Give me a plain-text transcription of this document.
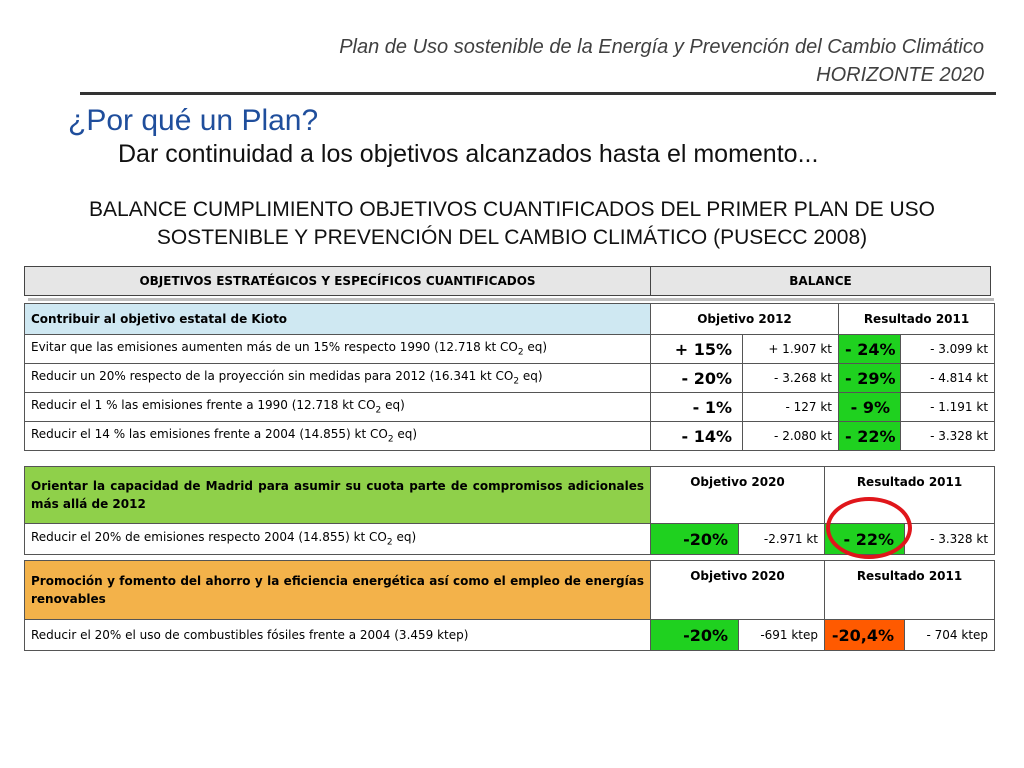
Plan de Uso sostenible de la Energía y Prevención del Cambio Climático
HORIZONTE 2020
¿Por qué un Plan?
Dar continuidad a los objetivos alcanzados hasta el momento...
BALANCE CUMPLIMIENTO OBJETIVOS CUANTIFICADOS DEL PRIMER PLAN DE USO
SOSTENIBLE Y PREVENCIÓN DEL CAMBIO CLIMÁTICO (PUSECC 2008)
OBJETIVOS ESTRATÉGICOS Y ESPECÍFICOS CUANTIFICADOS	BALANCE
Contribuir al objetivo estatal de Kioto	Objetivo 2012		Resultado 2011	
Evitar que las emisiones aumenten más de un 15% respecto 1990 (12.718 kt $CO_2$ eq)	+ 15%	+ 1.907 kt	- 24%	- 3.099 kt
Reducir un 20% respecto de la proyección sin medidas para 2012 (16.341 kt $CO_2$ eq)	- 20%	- 3.268 kt	- 29%	- 4.814 kt
Reducir el 1 % las emisiones frente a 1990 (12.718 kt $CO_2$ eq)	- 1%	- 127 kt	- 9%	- 1.191 kt
Reducir el 14 % las emisiones frente a 2004 (14.855) kt $CO_2$ eq)	- 14%	- 2.080 kt	- 22%	- 3.328 kt
Orientar la capacidad de Madrid para asumir su cuota parte de compromisos adicionales más allá de 2012	Objetivo 2020		Resultado 2011	
Reducir el 20% de emisiones respecto 2004 (14.855) kt $CO_2$ eq)	-20%	-2.971 kt	- 22%	- 3.328 kt
Promoción y fomento del ahorro y la eficiencia energética así como el empleo de energías renovables	Objetivo 2020		Resultado 2011	
Reducir el 20% el uso de combustibles fósiles frente a 2004 (3.459 ktep)	-20%	-691 ktep	-20,4%	- 704 ktep
